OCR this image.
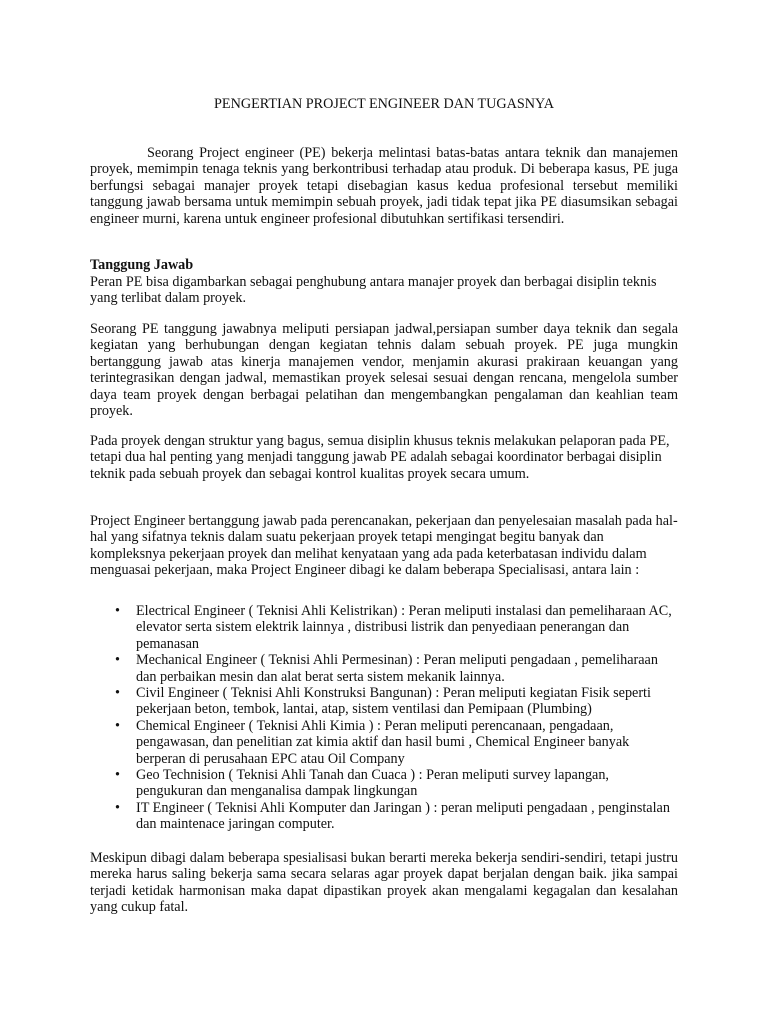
PENGERTIAN PROJECT ENGINEER DAN TUGASNYA

Seorang Project engineer (PE) bekerja melintasi batas-batas antara teknik dan manajemen proyek, memimpin tenaga teknis yang berkontribusi terhadap atau produk. Di beberapa kasus, PE juga berfungsi sebagai manajer proyek tetapi disebagian kasus kedua profesional tersebut memiliki tanggung jawab bersama untuk memimpin sebuah proyek, jadi tidak tepat jika PE diasumsikan sebagai engineer murni, karena untuk engineer profesional dibutuhkan sertifikasi tersendiri.

Tanggung Jawab

Peran PE bisa digambarkan sebagai penghubung antara manajer proyek dan berbagai disiplin teknis yang terlibat dalam proyek.

Seorang PE tanggung jawabnya meliputi persiapan jadwal,persiapan sumber daya teknik dan segala kegiatan yang berhubungan dengan kegiatan tehnis dalam sebuah proyek. PE juga mungkin bertanggung jawab atas kinerja manajemen vendor, menjamin akurasi prakiraan keuangan yang terintegrasikan dengan jadwal, memastikan proyek selesai sesuai dengan rencana, mengelola sumber daya team proyek dengan berbagai pelatihan dan mengembangkan pengalaman dan keahlian team proyek.

Pada proyek dengan struktur yang bagus, semua disiplin khusus teknis melakukan pelaporan pada PE, tetapi dua hal penting yang menjadi tanggung jawab PE adalah sebagai koordinator berbagai disiplin teknik pada sebuah proyek dan sebagai kontrol kualitas proyek secara umum.

Project Engineer bertanggung jawab pada perencanakan, pekerjaan dan penyelesaian masalah pada hal-hal yang sifatnya teknis dalam suatu pekerjaan proyek tetapi mengingat begitu banyak dan kompleksnya pekerjaan proyek dan melihat kenyataan yang ada pada keterbatasan individu dalam menguasai pekerjaan, maka Project Engineer dibagi ke dalam beberapa Specialisasi, antara lain :

• Electrical Engineer ( Teknisi Ahli Kelistrikan) : Peran meliputi instalasi dan pemeliharaan AC, elevator serta sistem elektrik lainnya , distribusi listrik dan penyediaan penerangan dan pemanasan
• Mechanical Engineer ( Teknisi Ahli Permesinan) : Peran meliputi pengadaan , pemeliharaan dan perbaikan mesin dan alat berat serta sistem mekanik lainnya.
• Civil Engineer ( Teknisi Ahli Konstruksi Bangunan) : Peran meliputi kegiatan Fisik seperti pekerjaan beton, tembok, lantai, atap, sistem ventilasi dan Pemipaan (Plumbing)
• Chemical Engineer ( Teknisi Ahli Kimia ) : Peran meliputi perencanaan, pengadaan, pengawasan, dan penelitian zat kimia aktif dan hasil bumi , Chemical Engineer banyak berperan di perusahaan EPC atau Oil Company
• Geo Technision ( Teknisi Ahli Tanah dan Cuaca ) : Peran meliputi survey lapangan, pengukuran dan menganalisa dampak lingkungan
• IT Engineer ( Teknisi Ahli Komputer dan Jaringan ) : peran meliputi pengadaan , penginstalan dan maintenace jaringan computer.

Meskipun dibagi dalam beberapa spesialisasi bukan berarti mereka bekerja sendiri-sendiri, tetapi justru mereka harus saling bekerja sama secara selaras agar proyek dapat berjalan dengan baik. jika sampai terjadi ketidak harmonisan maka dapat dipastikan proyek akan mengalami kegagalan dan kesalahan yang cukup fatal.
